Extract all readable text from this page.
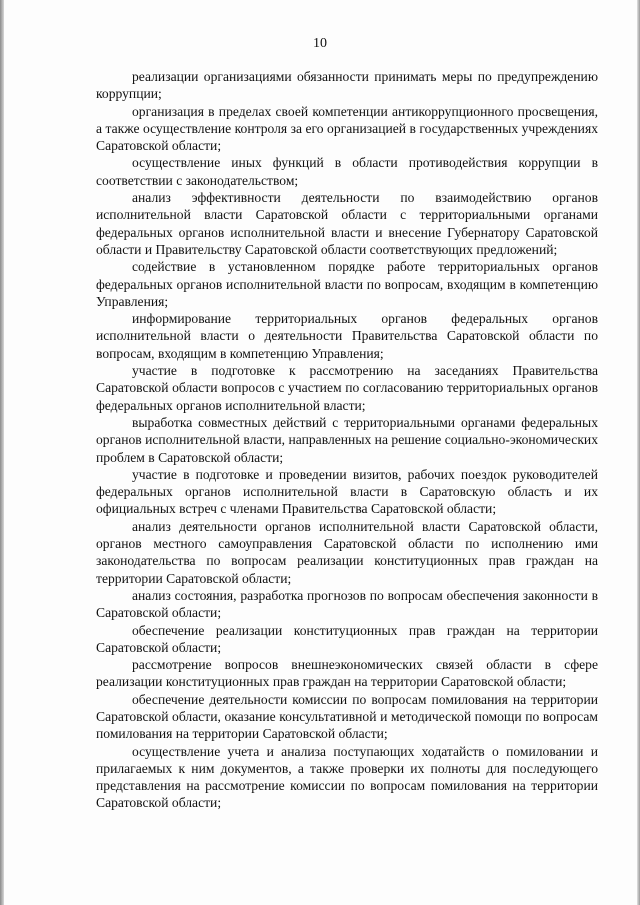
10

реализации организациями обязанности принимать меры по предупреждению коррупции;

организация в пределах своей компетенции антикоррупционного просвещения, а также осуществление контроля за его организацией в государственных учреждениях Саратовской области;

осуществление иных функций в области противодействия коррупции в соответствии с законодательством;

анализ эффективности деятельности по взаимодействию органов исполнительной власти Саратовской области с территориальными органами федеральных органов исполнительной власти и внесение Губернатору Саратовской области и Правительству Саратовской области соответствующих предложений;

содействие в установленном порядке работе территориальных органов федеральных органов исполнительной власти по вопросам, входящим в компетенцию Управления;

информирование территориальных органов федеральных органов исполнительной власти о деятельности Правительства Саратовской области по вопросам, входящим в компетенцию Управления;

участие в подготовке к рассмотрению на заседаниях Правительства Саратовской области вопросов с участием по согласованию территориальных органов федеральных органов исполнительной власти;

выработка совместных действий с территориальными органами федеральных органов исполнительной власти, направленных на решение социально-экономических проблем в Саратовской области;

участие в подготовке и проведении визитов, рабочих поездок руководителей федеральных органов исполнительной власти в Саратовскую область и их официальных встреч с членами Правительства Саратовской области;

анализ деятельности органов исполнительной власти Саратовской области, органов местного самоуправления Саратовской области по исполнению ими законодательства по вопросам реализации конституционных прав граждан на территории Саратовской области;

анализ состояния, разработка прогнозов по вопросам обеспечения законности в Саратовской области;

обеспечение реализации конституционных прав граждан на территории Саратовской области;

рассмотрение вопросов внешнеэкономических связей области в сфере реализации конституционных прав граждан на территории Саратовской области;

обеспечение деятельности комиссии по вопросам помилования на территории Саратовской области, оказание консультативной и методической помощи по вопросам помилования на территории Саратовской области;

осуществление учета и анализа поступающих ходатайств о помиловании и прилагаемых к ним документов, а также проверки их полноты для последующего представления на рассмотрение комиссии по вопросам помилования на территории Саратовской области;
